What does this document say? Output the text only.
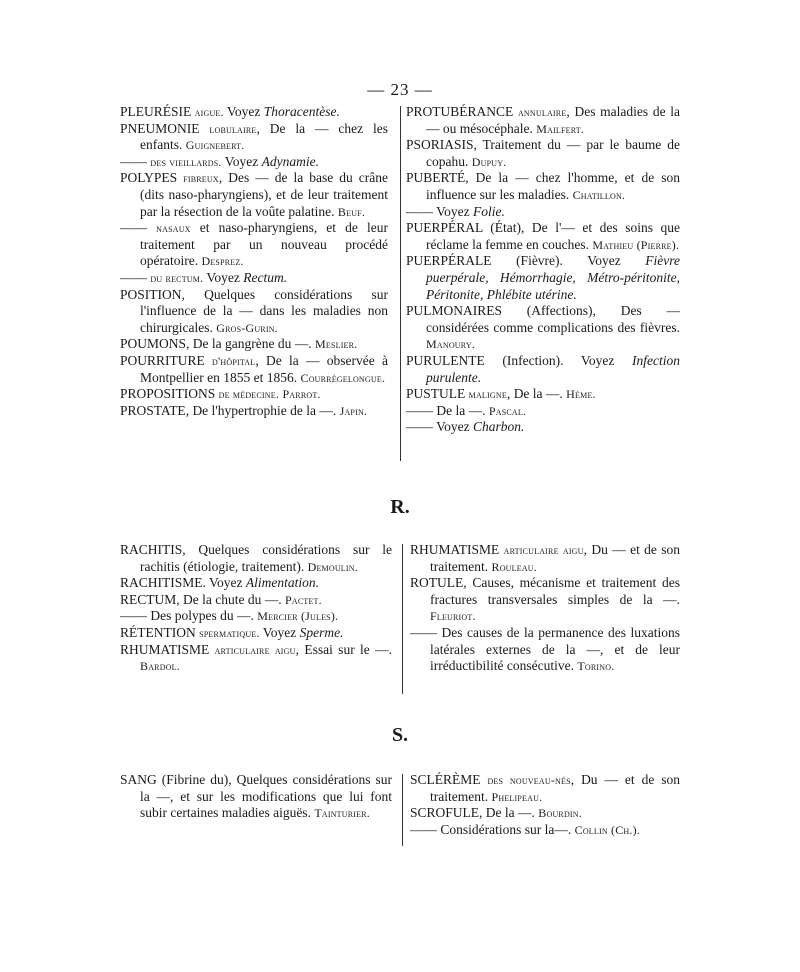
— 23 —

PLEURÉSIE aigue. Voyez Thoracentèse.

PNEUMONIE lobulaire, De la — chez les enfants. Guignebert.

—— des vieillards. Voyez Adynamie.

POLYPES fibreux, Des — de la base du crâne (dits naso-pharyngiens), et de leur traitement par la résection de la voûte palatine. Beuf.

—— nasaux et naso-pharyngiens, et de leur traitement par un nouveau procédé opératoire. Desprez.

—— du rectum. Voyez Rectum.

POSITION, Quelques considérations sur l'influence de la — dans les maladies non chirurgicales. Gros-Gurin.

POUMONS, De la gangrène du —. Meslier.

POURRITURE d'hôpital, De la — observée à Montpellier en 1855 et 1856. Courrégelongue.

PROPOSITIONS de médecine. Parrot.

PROSTATE, De l'hypertrophie de la —. Japin.

PROTUBÉRANCE annulaire, Des maladies de la — ou mésocéphale. Mailfert.

PSORIASIS, Traitement du — par le baume de copahu. Dupuy.

PUBERTÉ, De la — chez l'homme, et de son influence sur les maladies. Chatillon.

—— Voyez Folie.

PUERPÉRAL (État), De l'— et des soins que réclame la femme en couches. Mathieu (Pierre).

PUERPÉRALE (Fièvre). Voyez Fièvre puerpérale, Hémorrhagie, Métro-péritonite, Péritonite, Phlébite utérine.

PULMONAIRES (Affections), Des — considérées comme complications des fièvres. Manoury.

PURULENTE (Infection). Voyez Infection purulente.

PUSTULE maligne, De la —. Hème.

—— De la —. Pascal.

—— Voyez Charbon.

R.

RACHITIS, Quelques considérations sur le rachitis (étiologie, traitement). Demoulin.

RACHITISME. Voyez Alimentation.

RECTUM, De la chute du —. Pactet.

—— Des polypes du —. Mercier (Jules).

RÉTENTION spermatique. Voyez Sperme.

RHUMATISME articulaire aigu, Essai sur le —. Bardol.

RHUMATISME articulaire aigu, Du — et de son traitement. Rouleau.

ROTULE, Causes, mécanisme et traitement des fractures transversales simples de la —. Fleuriot.

—— Des causes de la permanence des luxations latérales externes de la —, et de leur irréductibilité consécutive. Torino.

S.

SANG (Fibrine du), Quelques considérations sur la —, et sur les modifications que lui font subir certaines maladies aiguës. Tainturier.

SCLÉRÈME des nouveau-nés, Du — et de son traitement. Phelipeau.

SCROFULE, De la —. Bourdin.

—— Considérations sur la—. Collin (Ch.).
